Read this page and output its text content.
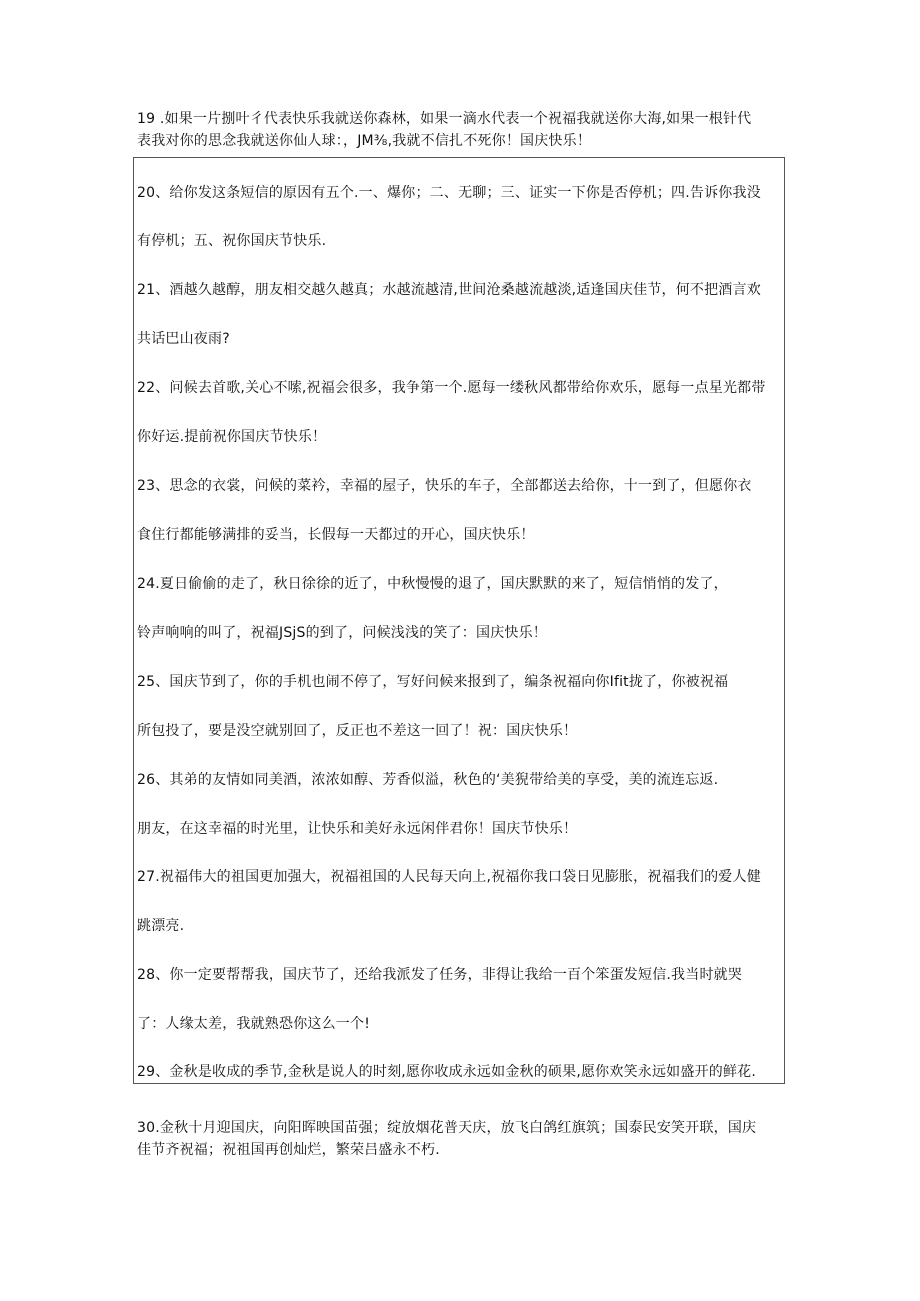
19 .如果一片捌叶彳代表快乐我就送你森林，如果一滴水代表一个祝福我就送你大海,如果一根针代
表我对你的思念我就送你仙人球：，JM⅜,我就不信扎不死你！国庆快乐！
20、给你发这条短信的原因有五个.一、爆你；二、无聊；三、证实一下你是否停机；四.告诉你我没
有停机；五、祝你国庆节快乐.
21、酒越久越醇，朋友相交越久越真；水越流越清,世间沧桑越流越淡,适逢国庆佳节，何不把酒言欢
共话巴山夜雨?
22、问候去首歌,关心不嗦,祝福会很多，我争第一个.愿每一缕秋风都带给你欢乐，愿每一点星光都带
你好运.提前祝你国庆节快乐！
23、思念的衣裳，问候的菜衿，幸福的屋子，快乐的车子，全部都送去给你，十一到了，但愿你衣
食住行都能够满排的妥当，长假每一天都过的开心，国庆快乐！
24.夏日偷偷的走了，秋日徐徐的近了，中秋慢慢的退了，国庆默默的来了，短信悄悄的发了，
铃声响响的叫了，祝福JSjS的到了，问候浅浅的笑了：国庆快乐！
25、国庆节到了，你的手机也闹不停了，写好问候来报到了，编条祝福向你Ifit拢了，你被祝福
所包投了，要是没空就别回了，反正也不差这一回了！祝：国庆快乐！
26、其弟的友情如同美酒，浓浓如醇、芳香似溢，秋色的‘美猊带给美的享受，美的流连忘返.
朋友，在这幸福的时光里，让快乐和美好永远闲伴君你！国庆节快乐！
27.祝福伟大的祖国更加强大，祝福祖国的人民每天向上,祝福你我口袋日见膨胀，祝福我们的爱人健
跳漂亮.
28、你一定要帮帮我，国庆节了，还给我派发了任务，非得让我给一百个笨蛋发短信.我当时就哭
了：人缘太差，我就熟恐你这么一个!
29、金秋是收成的季节,金秋是说人的时刻,愿你收成永远如金秋的硕果,愿你欢笑永远如盛开的鲜花.
30.金秋十月迎国庆，向阳晖映国苗强；绽放烟花普天庆，放飞白鸽红旗筑；国泰民安笑开联，国庆
佳节齐祝福；祝祖国再创灿烂，繁荣吕盛永不朽.
